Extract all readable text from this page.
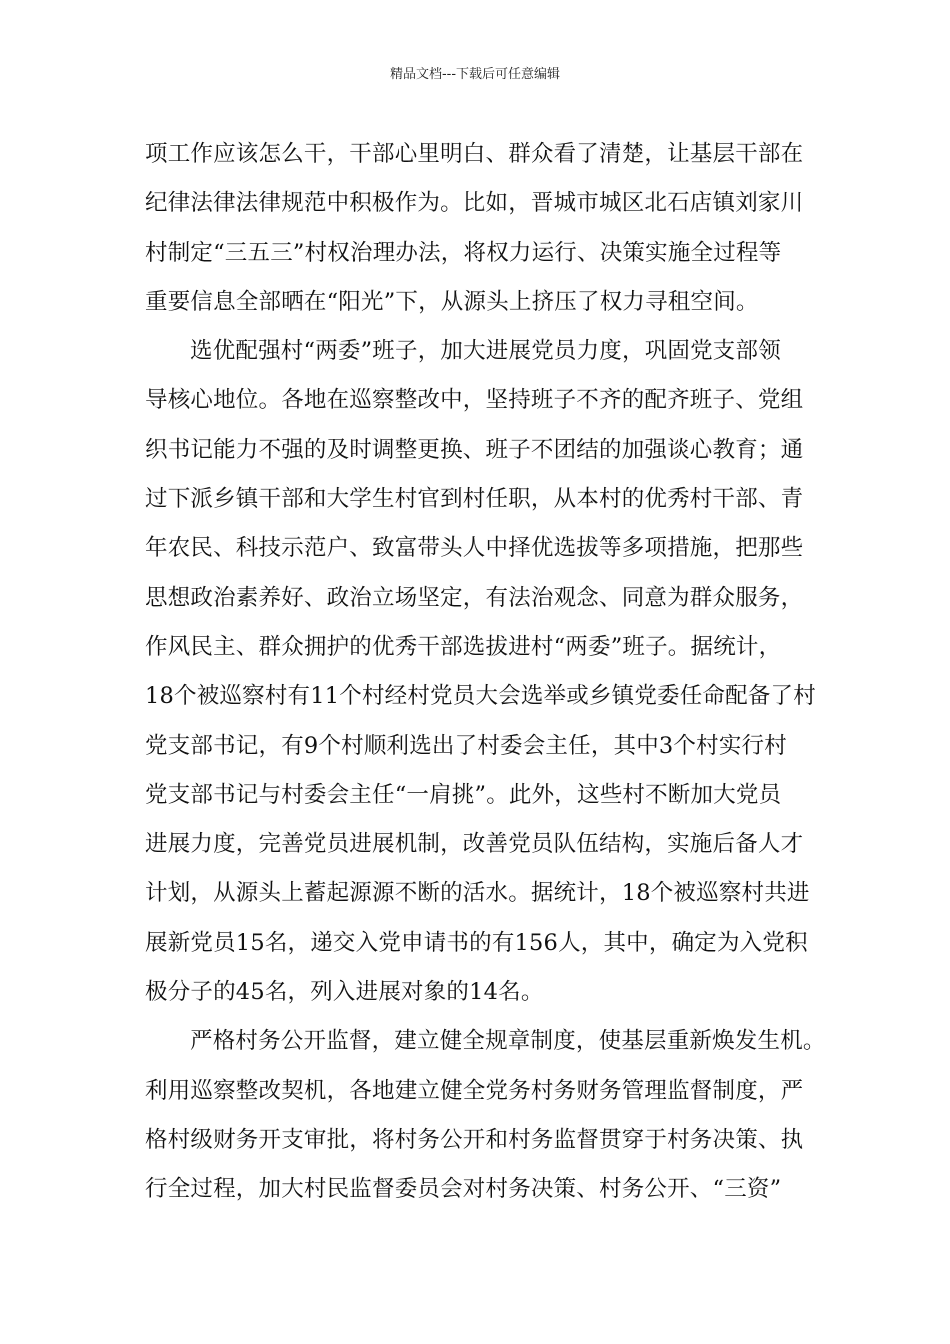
精品文档---下载后可任意编辑
项工作应该怎么干，干部心里明白、群众看了清楚，让基层干部在
纪律法律法律规范中积极作为。比如，晋城市城区北石店镇刘家川
村制定“三五三”村权治理办法，将权力运行、决策实施全过程等
重要信息全部晒在“阳光”下，从源头上挤压了权力寻租空间。
选优配强村“两委”班子，加大进展党员力度，巩固党支部领
导核心地位。各地在巡察整改中，坚持班子不齐的配齐班子、党组
织书记能力不强的及时调整更换、班子不团结的加强谈心教育；通
过下派乡镇干部和大学生村官到村任职，从本村的优秀村干部、青
年农民、科技示范户、致富带头人中择优选拔等多项措施，把那些
思想政治素养好、政治立场坚定，有法治观念、同意为群众服务，
作风民主、群众拥护的优秀干部选拔进村“两委”班子。据统计，
18个被巡察村有11个村经村党员大会选举或乡镇党委任命配备了村
党支部书记，有9个村顺利选出了村委会主任，其中3个村实行村
党支部书记与村委会主任“一肩挑”。此外，这些村不断加大党员
进展力度，完善党员进展机制，改善党员队伍结构，实施后备人才
计划，从源头上蓄起源源不断的活水。据统计，18个被巡察村共进
展新党员15名，递交入党申请书的有156人，其中，确定为入党积
极分子的45名，列入进展对象的14名。
严格村务公开监督，建立健全规章制度，使基层重新焕发生机。
利用巡察整改契机，各地建立健全党务村务财务管理监督制度，严
格村级财务开支审批，将村务公开和村务监督贯穿于村务决策、执
行全过程，加大村民监督委员会对村务决策、村务公开、“三资”
